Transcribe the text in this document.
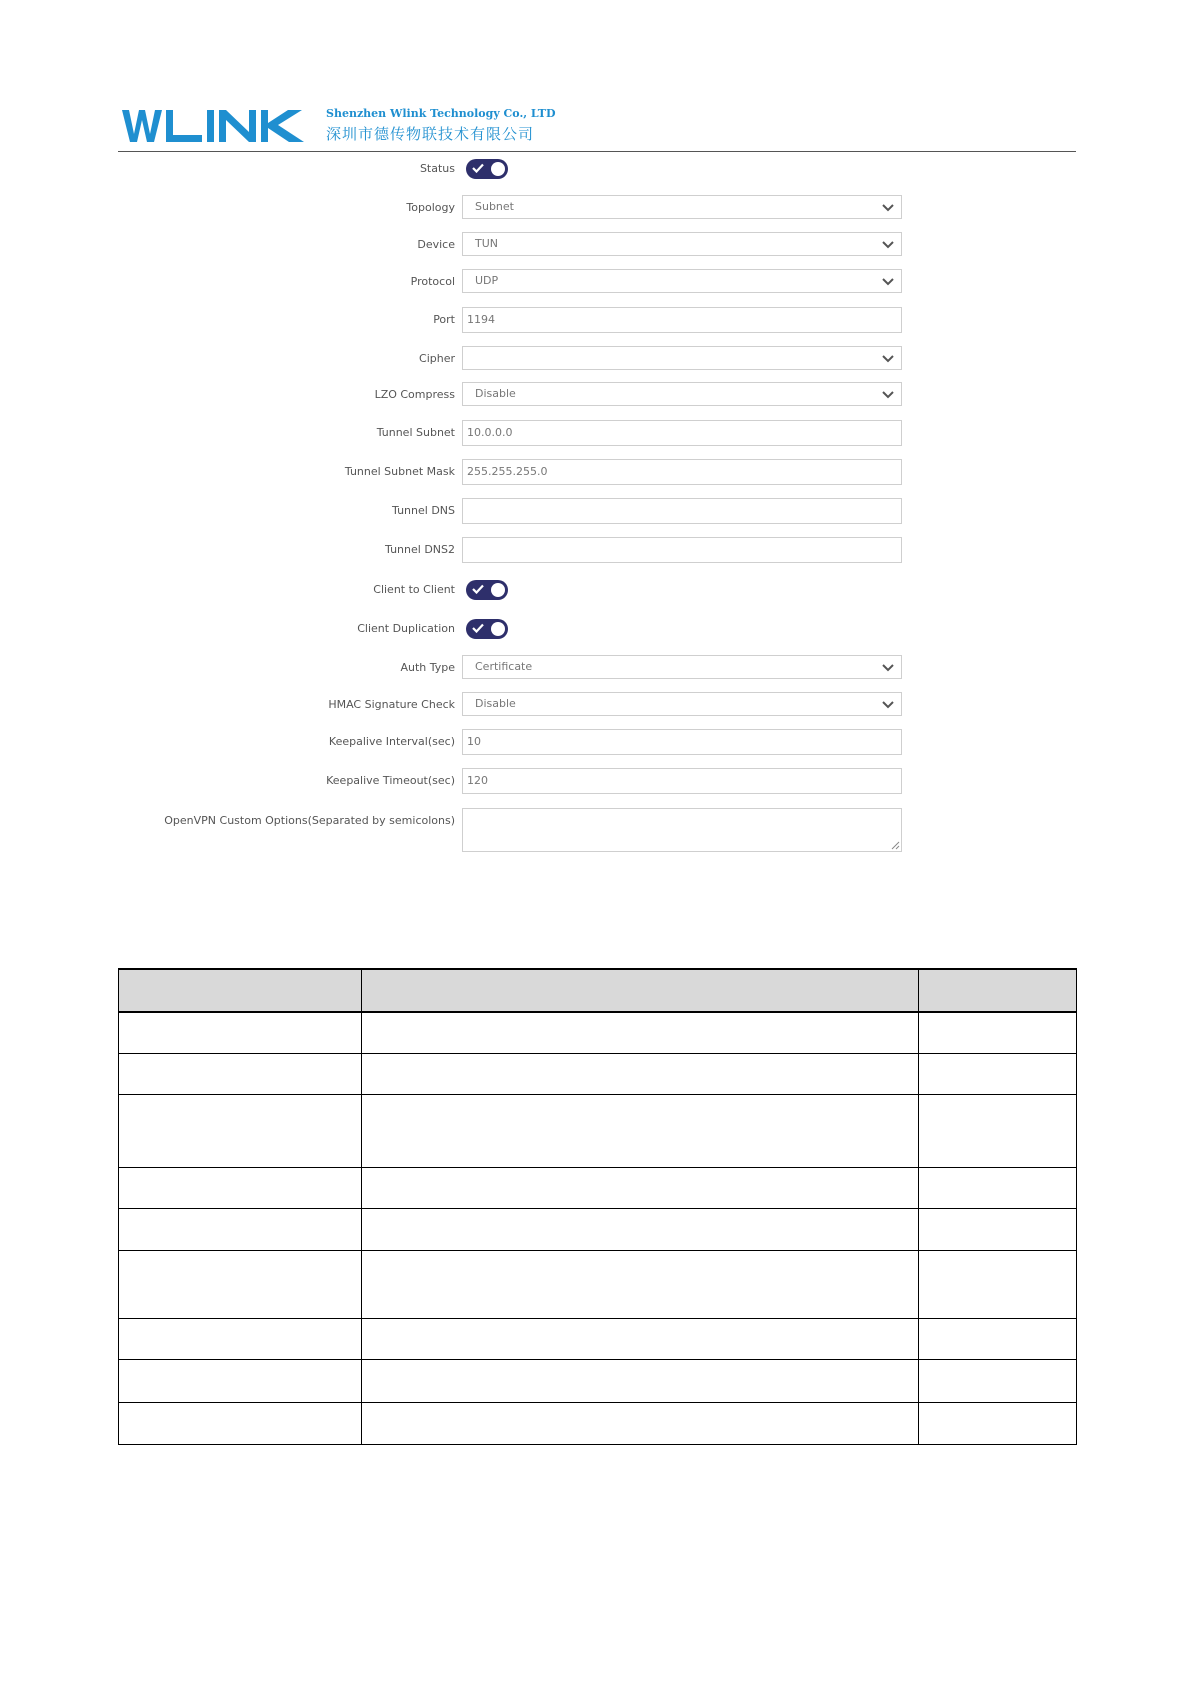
Shenzhen Wlink Technology Co., LTD
深圳市德传物联技术有限公司
Status
Topology Subnet
Device TUN
Protocol UDP
Port 1194
Cipher
LZO Compress Disable
Tunnel Subnet 10.0.0.0
Tunnel Subnet Mask 255.255.255.0
Tunnel DNS
Tunnel DNS2
Client to Client
Client Duplication
Auth Type Certificate
HMAC Signature Check Disable
Keepalive Interval(sec) 10
Keepalive Timeout(sec) 120
OpenVPN Custom Options(Separated by semicolons)
